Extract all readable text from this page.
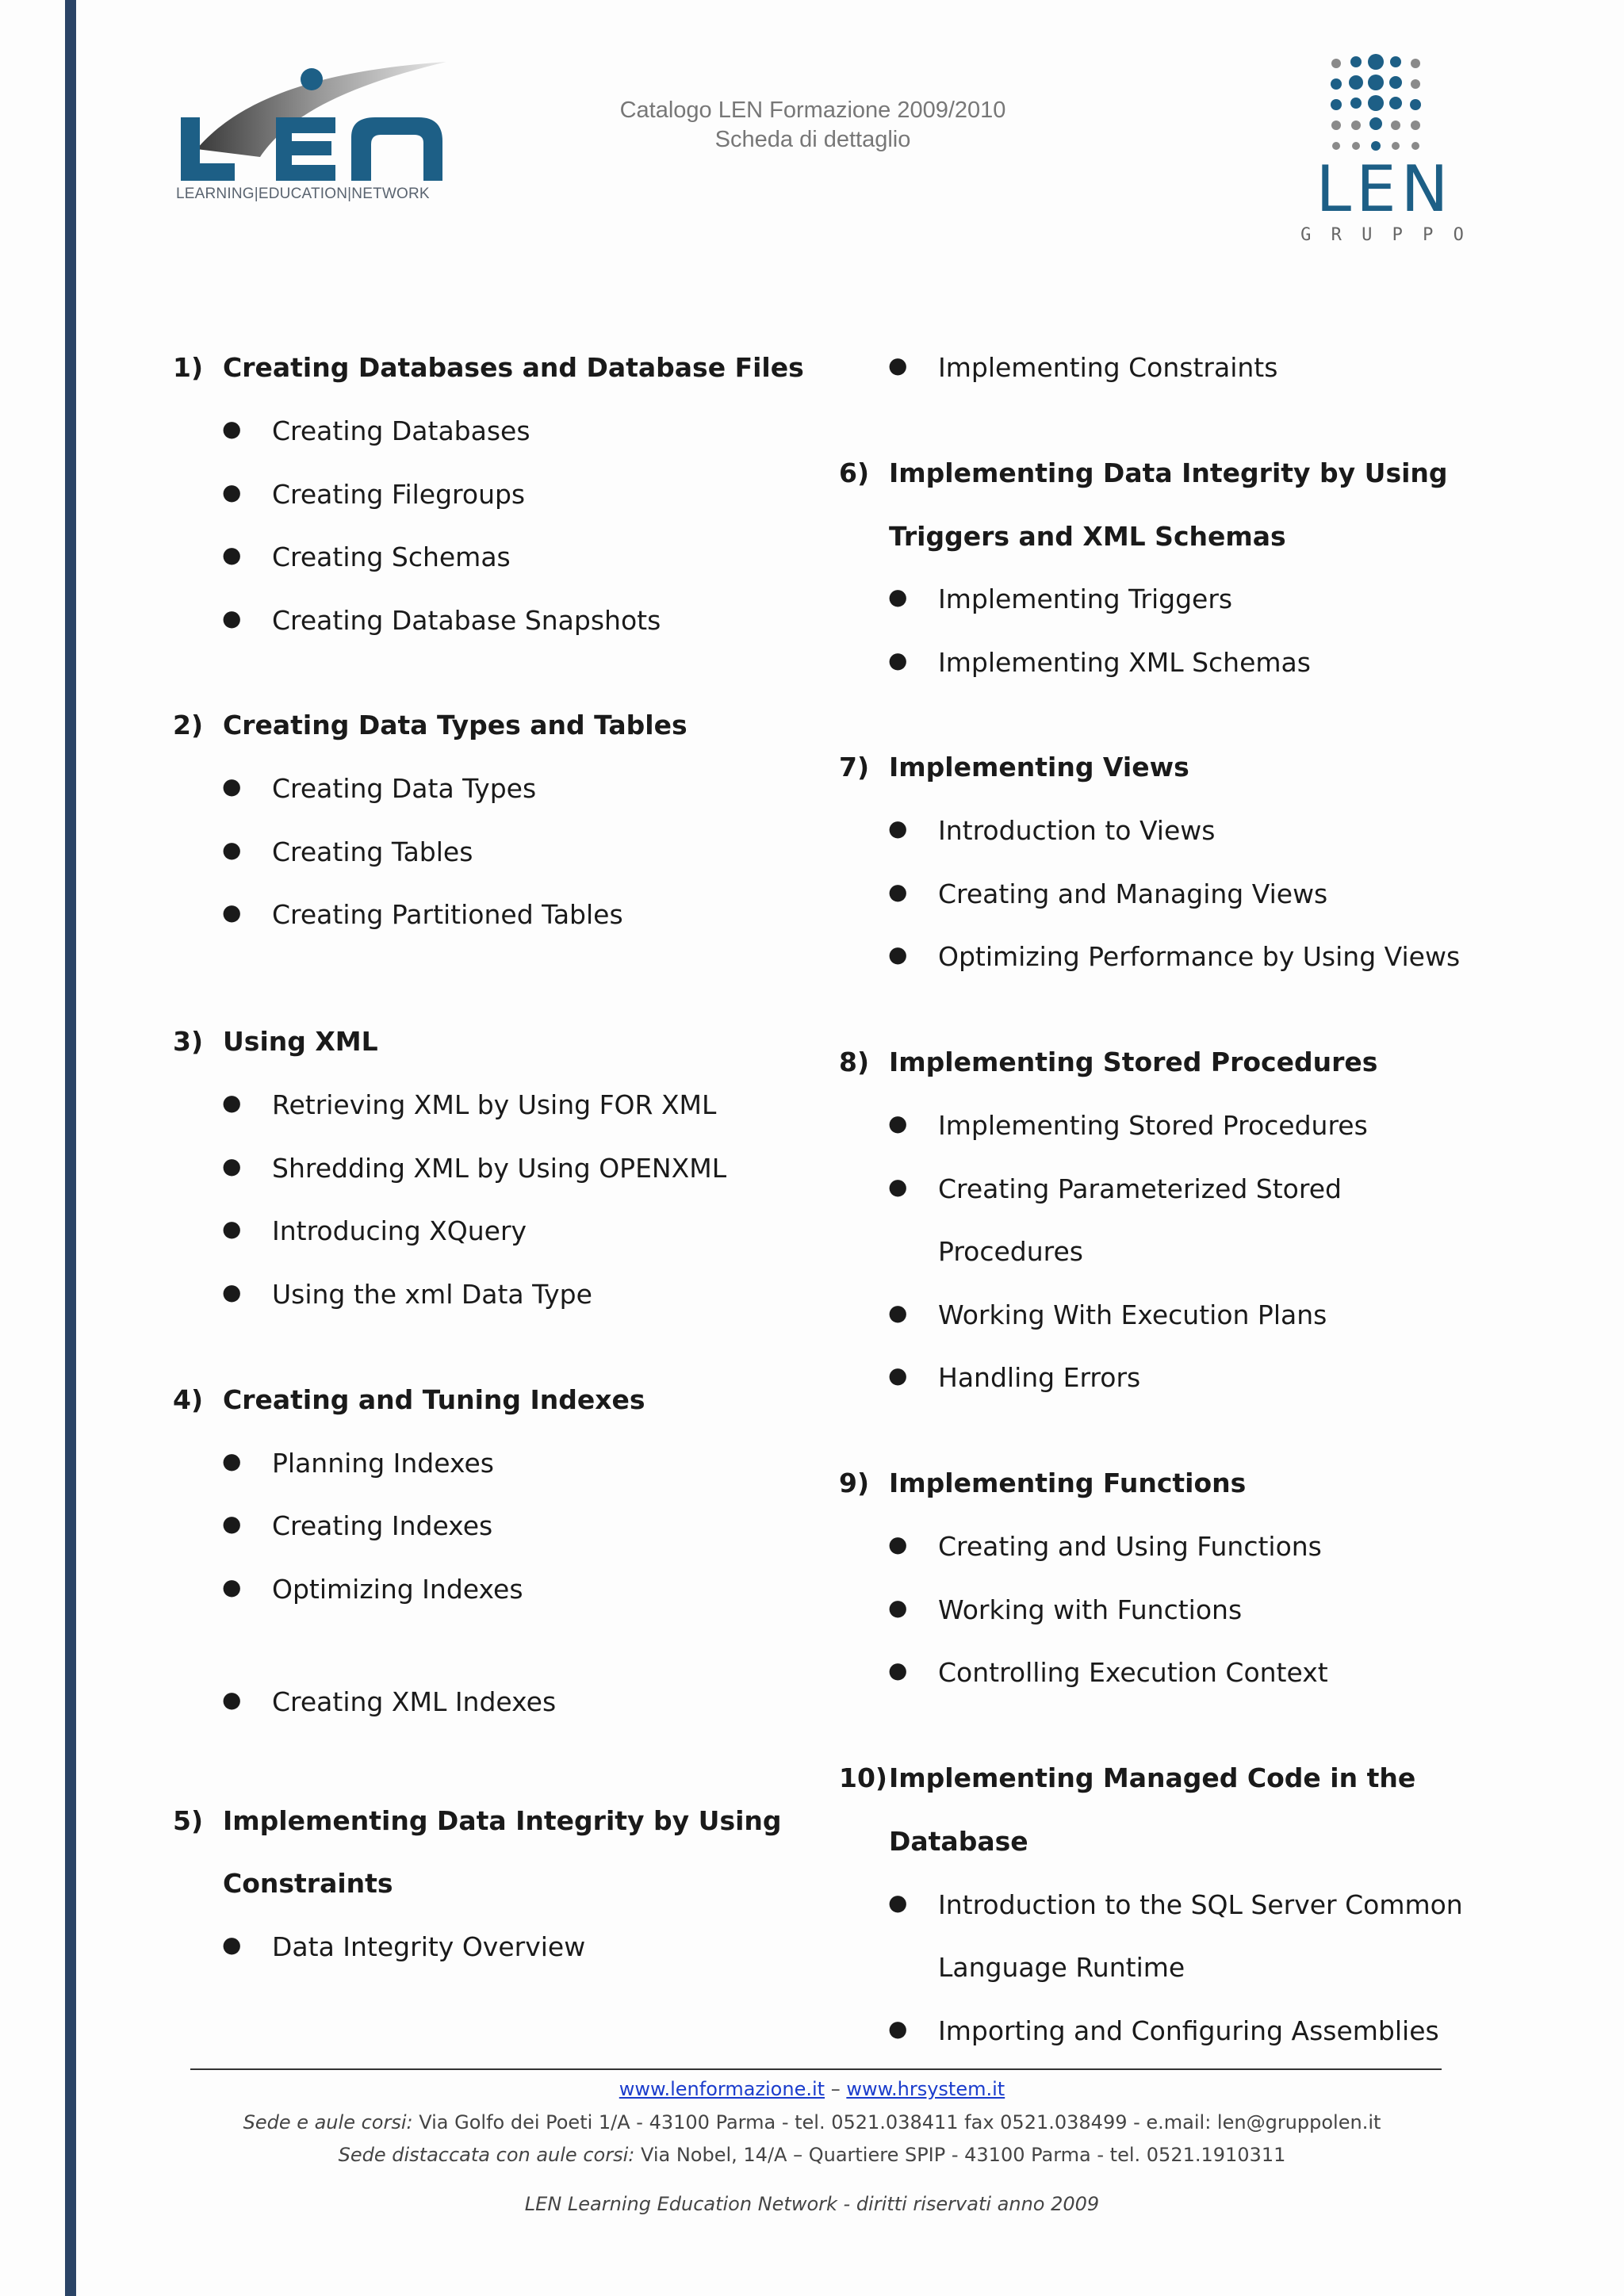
LEARNING|EDUCATION|NETWORK
Catalogo LEN Formazione 2009/2010
Scheda di dettaglio
LEN
G R U P P O
1) Creating Databases and Database Files
● Creating Databases
● Creating Filegroups
● Creating Schemas
● Creating Database Snapshots
2) Creating Data Types and Tables
● Creating Data Types
● Creating Tables
● Creating Partitioned Tables
3) Using XML
● Retrieving XML by Using FOR XML
● Shredding XML by Using OPENXML
● Introducing XQuery
● Using the xml Data Type
4) Creating and Tuning Indexes
● Planning Indexes
● Creating Indexes
● Optimizing Indexes
● Creating XML Indexes
5) Implementing Data Integrity by Using
Constraints
● Data Integrity Overview
● Implementing Constraints
6) Implementing Data Integrity by Using
Triggers and XML Schemas
● Implementing Triggers
● Implementing XML Schemas
7) Implementing Views
● Introduction to Views
● Creating and Managing Views
● Optimizing Performance by Using Views
8) Implementing Stored Procedures
● Implementing Stored Procedures
● Creating Parameterized Stored
Procedures
● Working With Execution Plans
● Handling Errors
9) Implementing Functions
● Creating and Using Functions
● Working with Functions
● Controlling Execution Context
10) Implementing Managed Code in the
Database
● Introduction to the SQL Server Common
Language Runtime
● Importing and Configuring Assemblies
www.lenformazione.it – www.hrsystem.it
Sede e aule corsi: Via Golfo dei Poeti 1/A - 43100 Parma - tel. 0521.038411 fax 0521.038499 - e.mail: len@gruppolen.it
Sede distaccata con aule corsi: Via Nobel, 14/A – Quartiere SPIP - 43100 Parma - tel. 0521.1910311
LEN Learning Education Network - diritti riservati anno 2009
